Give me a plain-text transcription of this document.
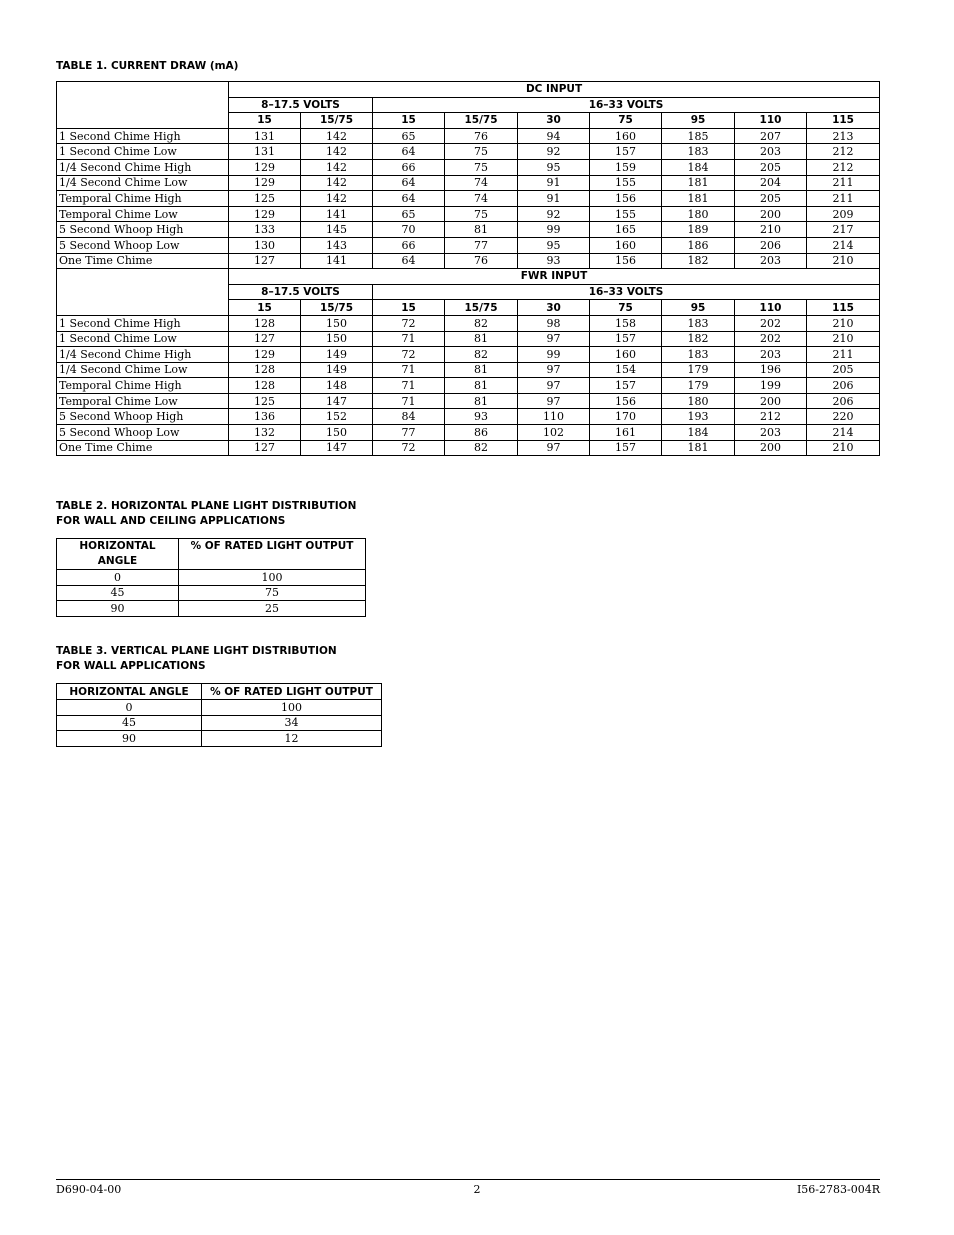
TABLE 1. CURRENT DRAW (mA)
	DC INPUT								
	8–17.5 VOLTS		16–33 VOLTS						
	15	15/75	15	15/75	30	75	95	110	115
1 Second Chime High	131	142	65	76	94	160	185	207	213
1 Second Chime Low	131	142	64	75	92	157	183	203	212
1/4 Second Chime High	129	142	66	75	95	159	184	205	212
1/4 Second Chime Low	129	142	64	74	91	155	181	204	211
Temporal Chime High	125	142	64	74	91	156	181	205	211
Temporal Chime Low	129	141	65	75	92	155	180	200	209
5 Second Whoop High	133	145	70	81	99	165	189	210	217
5 Second Whoop Low	130	143	66	77	95	160	186	206	214
One Time Chime	127	141	64	76	93	156	182	203	210
	FWR INPUT								
	8–17.5 VOLTS		16–33 VOLTS						
	15	15/75	15	15/75	30	75	95	110	115
1 Second Chime High	128	150	72	82	98	158	183	202	210
1 Second Chime Low	127	150	71	81	97	157	182	202	210
1/4 Second Chime High	129	149	72	82	99	160	183	203	211
1/4 Second Chime Low	128	149	71	81	97	154	179	196	205
Temporal Chime High	128	148	71	81	97	157	179	199	206
Temporal Chime Low	125	147	71	81	97	156	180	200	206
5 Second Whoop High	136	152	84	93	110	170	193	212	220
5 Second Whoop Low	132	150	77	86	102	161	184	203	214
One Time Chime	127	147	72	82	97	157	181	200	210
TABLE 2. HORIZONTAL PLANE LIGHT DISTRIBUTION
FOR WALL AND CEILING APPLICATIONS
HORIZONTAL ANGLE	% OF RATED LIGHT OUTPUT
0	100
45	75
90	25
TABLE 3. VERTICAL PLANE LIGHT DISTRIBUTION
FOR WALL APPLICATIONS
HORIZONTAL ANGLE	% OF RATED LIGHT OUTPUT
0	100
45	34
90	12
D690-04-00	2	I56-2783-004R
